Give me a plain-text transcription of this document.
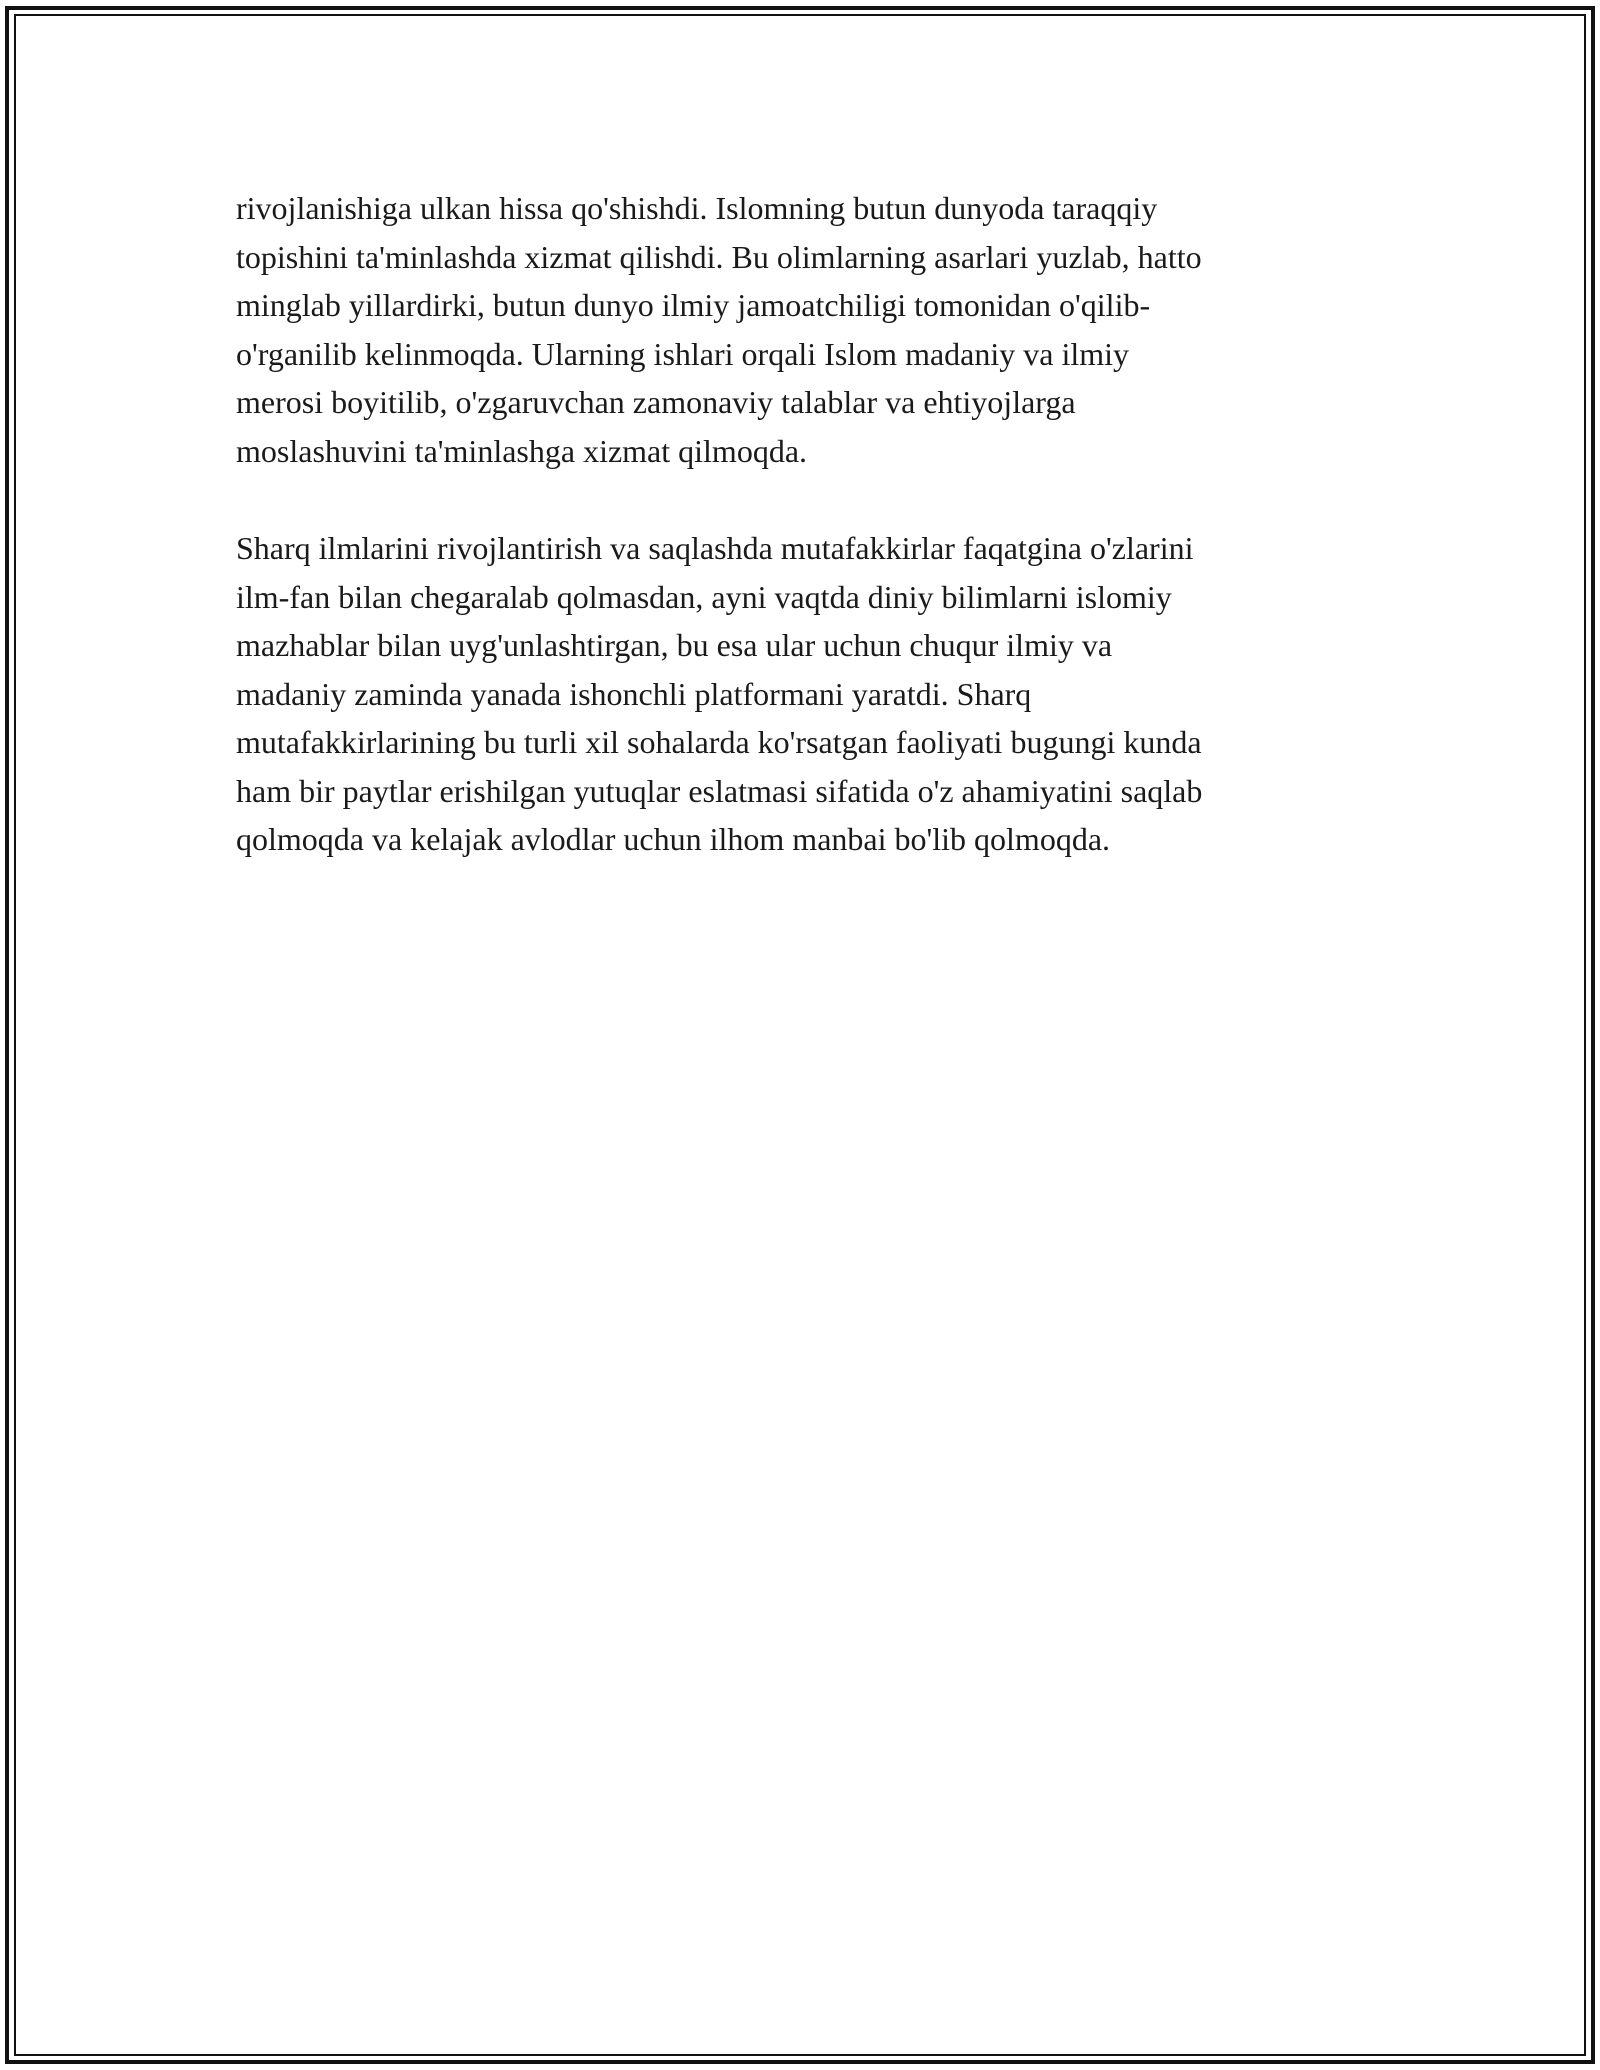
rivojlanishiga ulkan hissa qo'shishdi. Islomning butun dunyoda taraqqiy
topishini ta'minlashda xizmat qilishdi. Bu olimlarning asarlari yuzlab, hatto
minglab yillardirki, butun dunyo ilmiy jamoatchiligi tomonidan o'qilib-
o'rganilib kelinmoqda. Ularning ishlari orqali Islom madaniy va ilmiy
merosi boyitilib, o'zgaruvchan zamonaviy talablar va ehtiyojlarga
moslashuvini ta'minlashga xizmat qilmoqda.

Sharq ilmlarini rivojlantirish va saqlashda mutafakkirlar faqatgina o'zlarini
ilm-fan bilan chegaralab qolmasdan, ayni vaqtda diniy bilimlarni islomiy
mazhablar bilan uyg'unlashtirgan, bu esa ular uchun chuqur ilmiy va
madaniy zaminda yanada ishonchli platformani yaratdi. Sharq
mutafakkirlarining bu turli xil sohalarda ko'rsatgan faoliyati bugungi kunda
ham bir paytlar erishilgan yutuqlar eslatmasi sifatida o'z ahamiyatini saqlab
qolmoqda va kelajak avlodlar uchun ilhom manbai bo'lib qolmoqda.
